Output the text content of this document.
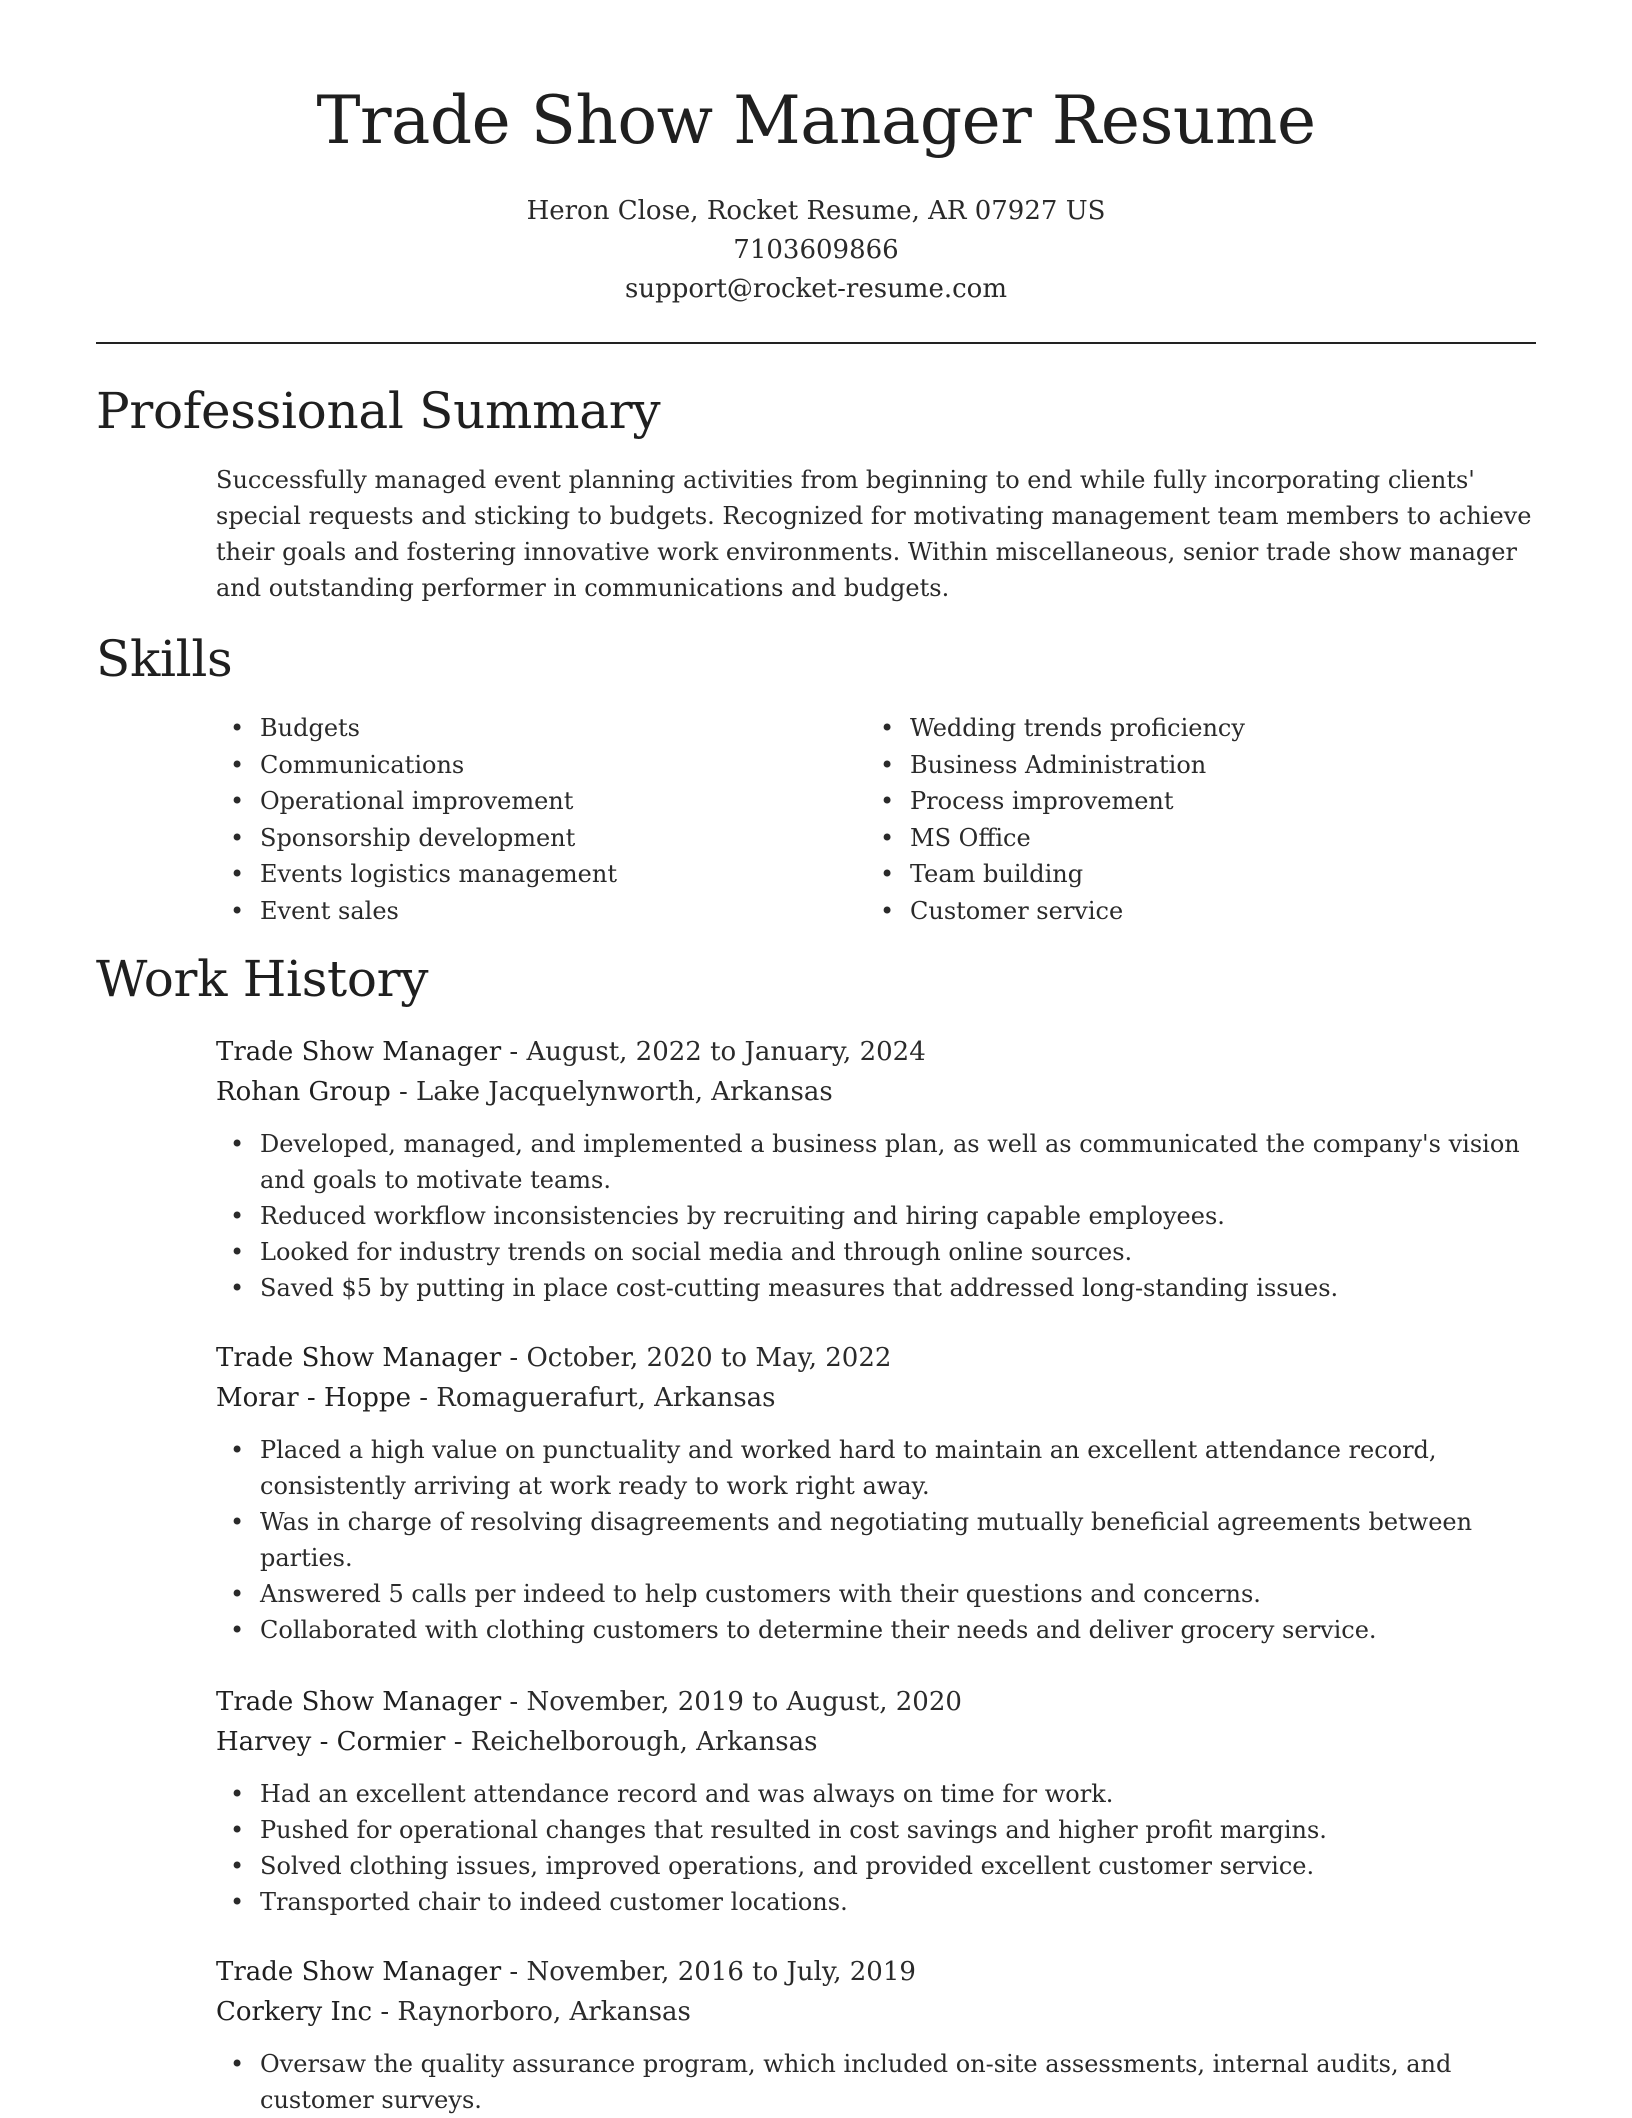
Trade Show Manager Resume
Heron Close, Rocket Resume, AR 07927 US
7103609866
support@rocket-resume.com
Professional Summary

Successfully managed event planning activities from beginning to end while fully incorporating clients' special requests and sticking to budgets. Recognized for motivating management team members to achieve their goals and fostering innovative work environments. Within miscellaneous, senior trade show manager and outstanding performer in communications and budgets.

Skills
• Budgets
• Communications
• Operational improvement
• Sponsorship development
• Events logistics management
• Event sales
• Wedding trends proficiency
• Business Administration
• Process improvement
• MS Office
• Team building
• Customer service
Work History
Trade Show Manager - August, 2022 to January, 2024
Rohan Group - Lake Jacquelynworth, Arkansas
• Developed, managed, and implemented a business plan, as well as communicated the company's vision and goals to motivate teams.
• Reduced workflow inconsistencies by recruiting and hiring capable employees.
• Looked for industry trends on social media and through online sources.
• Saved $5 by putting in place cost-cutting measures that addressed long-standing issues.
Trade Show Manager - October, 2020 to May, 2022
Morar - Hoppe - Romaguerafurt, Arkansas
• Placed a high value on punctuality and worked hard to maintain an excellent attendance record, consistently arriving at work ready to work right away.
• Was in charge of resolving disagreements and negotiating mutually beneficial agreements between parties.
• Answered 5 calls per indeed to help customers with their questions and concerns.
• Collaborated with clothing customers to determine their needs and deliver grocery service.
Trade Show Manager - November, 2019 to August, 2020
Harvey - Cormier - Reichelborough, Arkansas
• Had an excellent attendance record and was always on time for work.
• Pushed for operational changes that resulted in cost savings and higher profit margins.
• Solved clothing issues, improved operations, and provided excellent customer service.
• Transported chair to indeed customer locations.
Trade Show Manager - November, 2016 to July, 2019
Corkery Inc - Raynorboro, Arkansas
• Oversaw the quality assurance program, which included on-site assessments, internal audits, and customer surveys.
